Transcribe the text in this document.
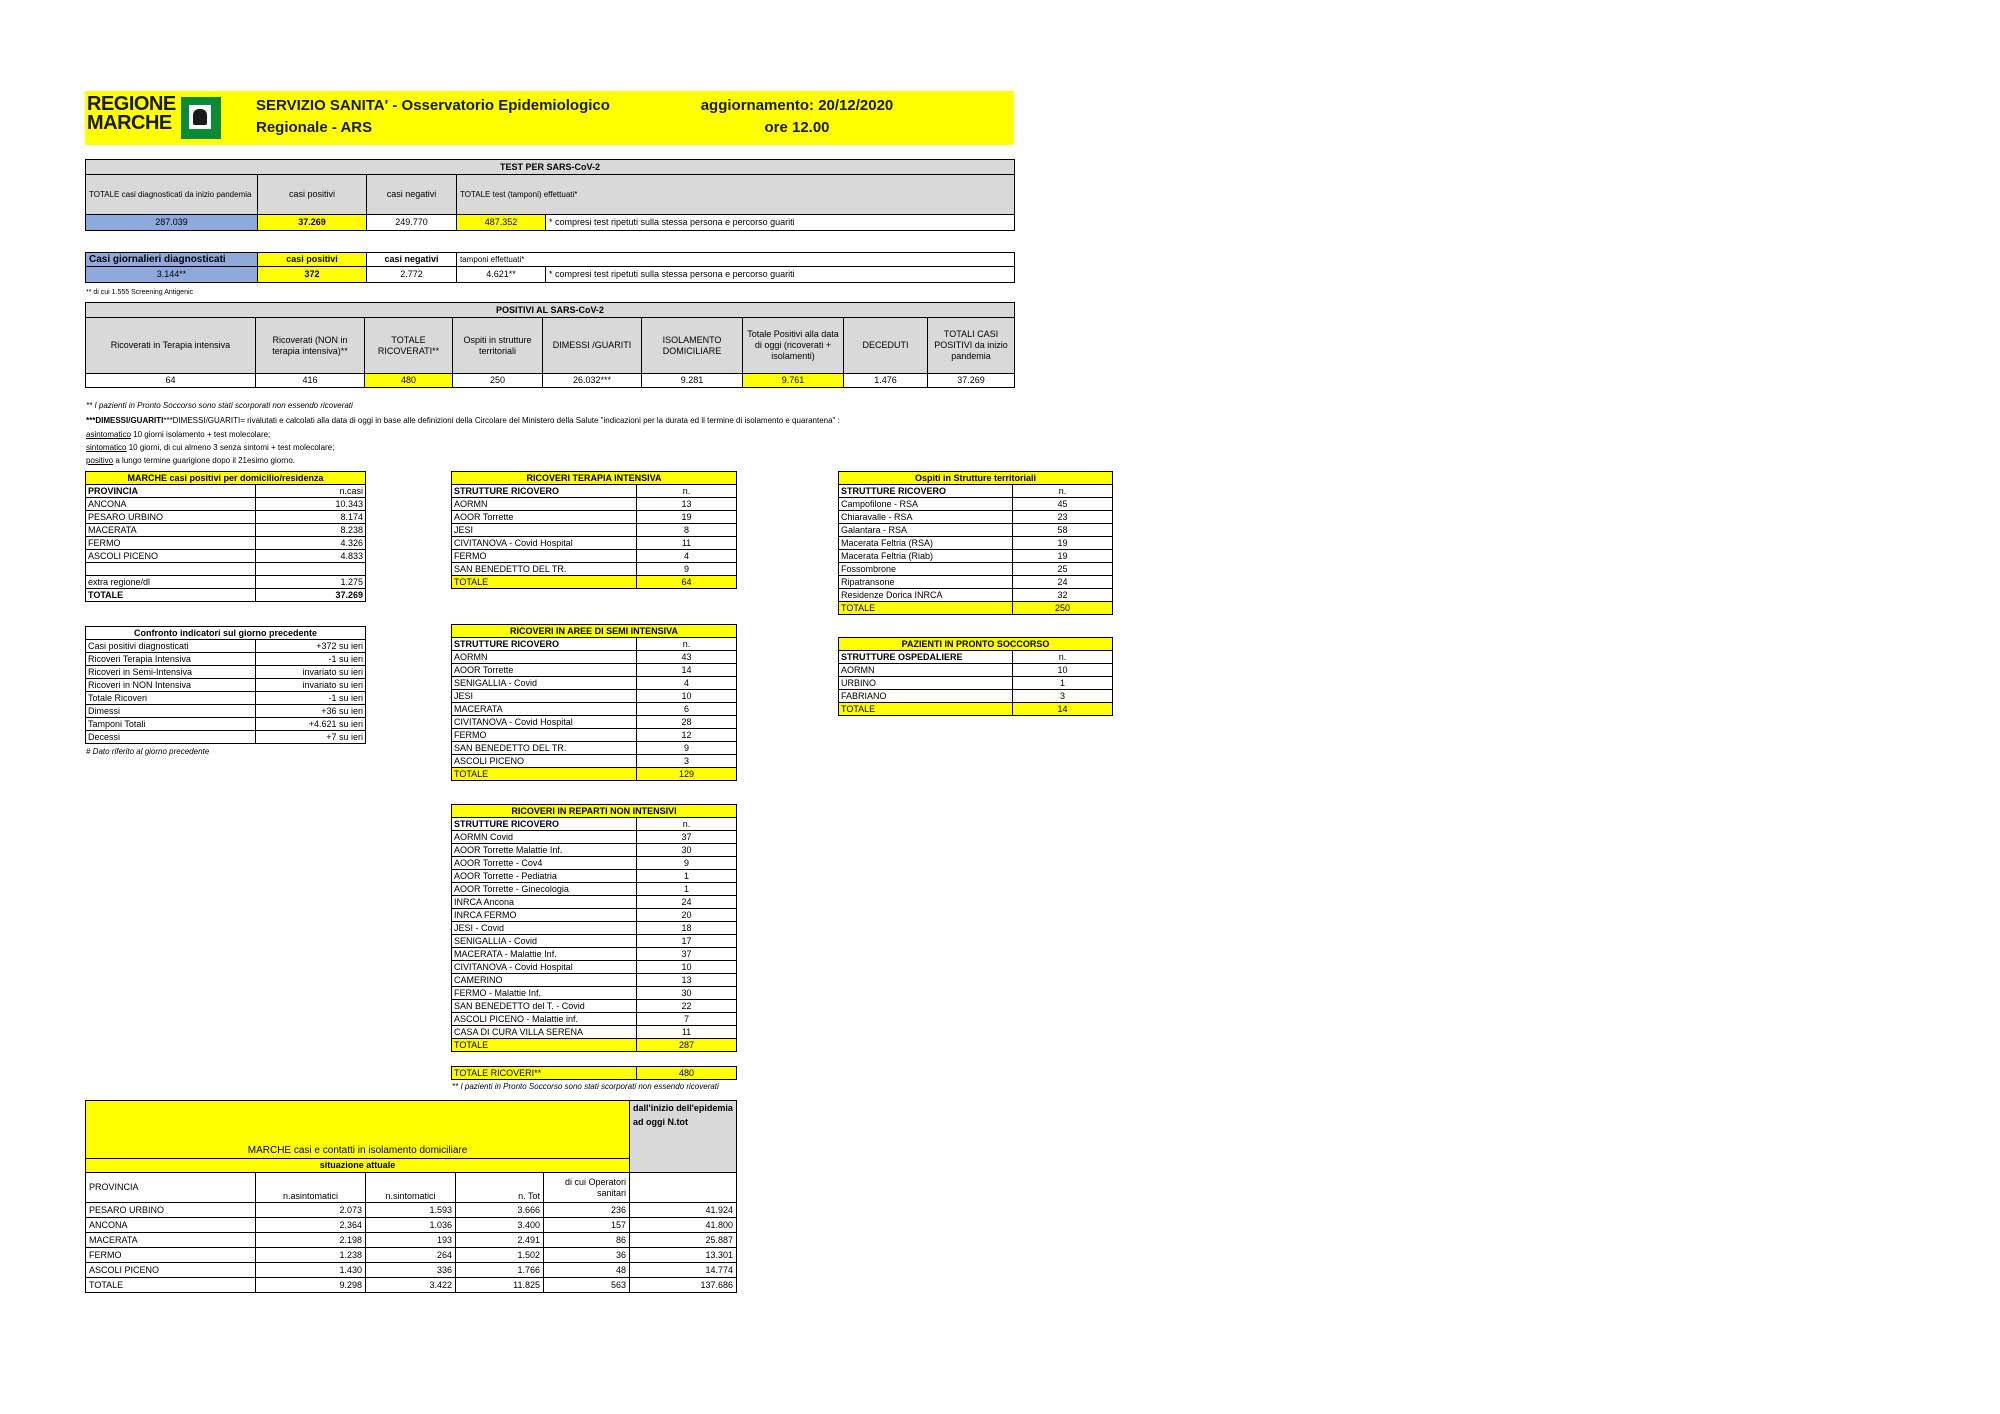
REGIONE
MARCHE
SERVIZIO SANITA' - Osservatorio Epidemiologico
Regionale - ARS
aggiornamento: 20/12/2020
ore 12.00
TEST PER SARS-CoV-2				
TOTALE casi diagnosticati da inizio pandemia	casi positivi	casi negativi	TOTALE test (tamponi) effettuati*	
287.039	37.269	249.770	487.352	* compresi test ripetuti sulla stessa persona e percorso guariti
Casi giornalieri diagnosticati	casi positivi	casi negativi	tamponi effettuati*	
3.144**	372	2.772	4.621**	* compresi test ripetuti sulla stessa persona e percorso guariti
** di cui 1.555 Screening Antigenic
POSITIVI AL SARS-CoV-2								
Ricoverati in Terapia intensiva	Ricoverati (NON in terapia intensiva)**	TOTALE RICOVERATI**	Ospiti in strutture territoriali	DIMESSI /GUARITI	ISOLAMENTO DOMICILIARE	Totale Positivi alla data di oggi (ricoverati + isolamenti)	DECEDUTI	TOTALI CASI POSITIVI da inizio pandemia
64	416	480	250	26.032***	9.281	9.761	1.476	37.269
** I pazienti in Pronto Soccorso sono stati scorporati non essendo ricoverati
***DIMESSI/GUARITI***DIMESSI/GUARITI= rivalutati e calcolati alla data di oggi in base alle definizioni della Circolare del Ministero della Salute "indicazioni per la durata ed il termine di isolamento e quarantena" :
asintomatico 10 giorni isolamento + test molecolare;
sintomatico 10 giorni, di cui almeno 3 senza sintomi + test molecolare;
positivo a lungo termine guarigione dopo il 21esimo giorno.
MARCHE casi positivi per domicilio/residenza	
PROVINCIA	n.casi
ANCONA	10.343
PESARO URBINO	8.174
MACERATA	8.238
FERMO	4.326
ASCOLI PICENO	4.833

extra regione/dl	1.275
TOTALE	37.269
Confronto indicatori sul giorno precedente	
Casi positivi diagnosticati	+372 su ieri
Ricoveri Terapia Intensiva	-1 su ieri
Ricoveri in Semi-Intensiva	invariato su ieri
Ricoveri in NON Intensiva	invariato su ieri
Totale Ricoveri	-1 su ieri
Dimessi	+36 su ieri
Tamponi Totali	+4.621 su ieri
Decessi	+7 su ieri
# Dato riferito al giorno precedente
RICOVERI TERAPIA INTENSIVA	
STRUTTURE RICOVERO	n.
AORMN	13
AOOR Torrette	19
JESI	8
CIVITANOVA - Covid Hospital	11
FERMO	4
SAN BENEDETTO DEL TR.	9
TOTALE	64
RICOVERI IN AREE DI SEMI INTENSIVA	
STRUTTURE RICOVERO	n.
AORMN	43
AOOR Torrette	14
SENIGALLIA - Covid	4
JESI	10
MACERATA	6
CIVITANOVA - Covid Hospital	28
FERMO	12
SAN BENEDETTO DEL TR.	9
ASCOLI PICENO	3
TOTALE	129
RICOVERI IN REPARTI NON INTENSIVI	
STRUTTURE RICOVERO	n.
AORMN Covid	37
AOOR Torrette Malattie Inf.	30
AOOR Torrette - Cov4	9
AOOR Torrette - Pediatria	1
AOOR Torrette - Ginecologia	1
INRCA Ancona	24
INRCA FERMO	20
JESI - Covid	18
SENIGALLIA - Covid	17
MACERATA - Malattie Inf.	37
CIVITANOVA - Covid Hospital	10
CAMERINO	13
FERMO - Malattie Inf.	30
SAN BENEDETTO del T. - Covid	22
ASCOLI PICENO - Malattie inf.	7
CASA DI CURA VILLA SERENA	11
TOTALE	287
TOTALE RICOVERI**	480
** I pazienti in Pronto Soccorso sono stati scorporati non essendo ricoverati
Ospiti in Strutture territoriali	
STRUTTURE RICOVERO	n.
Campofilone - RSA	45
Chiaravalle - RSA	23
Galantara - RSA	58
Macerata Feltria (RSA)	19
Macerata Feltria (Riab)	19
Fossombrone	25
Ripatransone	24
Residenze Dorica INRCA	32
TOTALE	250
PAZIENTI IN PRONTO SOCCORSO	
STRUTTURE OSPEDALIERE	n.
AORMN	10
URBINO	1
FABRIANO	3
TOTALE	14
MARCHE casi e contatti in isolamento domiciliare					dall'inizio dell'epidemia ad oggi N.tot
situazione attuale					
PROVINCIA	n.asintomatici	n.sintomatici	n. Tot	di cui Operatori sanitari	
PESARO URBINO	2.073	1.593	3.666	236	41.924
ANCONA	2.364	1.036	3.400	157	41.800
MACERATA	2.198	193	2.491	86	25.887
FERMO	1.238	264	1.502	36	13.301
ASCOLI PICENO	1.430	336	1.766	48	14.774
TOTALE	9.298	3.422	11.825	563	137.686
